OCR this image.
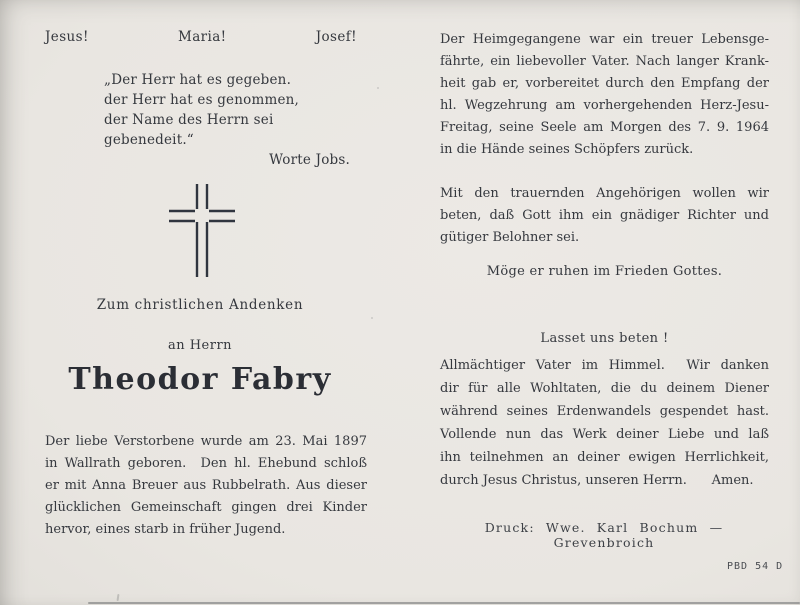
Jesus!	Maria!	Josef!
„Der Herr hat es gegeben.
der Herr hat es genommen,
der Name des Herrn sei gebenedeit.“
Worte Jobs.
Zum christlichen Andenken
an Herrn
Theodor Fabry
Der liebe Verstorbene wurde am 23. Mai 1897
in Wallrath geboren.  Den hl. Ehebund schloß
er mit Anna Breuer aus Rubbelrath. Aus dieser
glücklichen Gemeinschaft gingen drei Kinder
hervor, eines starb in früher Jugend.
Der Heimgegangene war ein treuer Lebensge-
fährte, ein liebevoller Vater. Nach langer Krank-
heit gab er, vorbereitet durch den Empfang der
hl. Wegzehrung am vorhergehenden Herz-Jesu-
Freitag, seine Seele am Morgen des 7. 9. 1964
in die Hände seines Schöpfers zurück.
Mit den trauernden Angehörigen wollen wir
beten, daß Gott ihm ein gnädiger Richter und
gütiger Belohner sei.
Möge er ruhen im Frieden Gottes.
Lasset uns beten !
Allmächtiger Vater im Himmel.  Wir danken
dir für alle Wohltaten, die du deinem Diener
während seines Erdenwandels gespendet hast.
Vollende nun das Werk deiner Liebe und laß
ihn teilnehmen an deiner ewigen Herrlichkeit,
durch Jesus Christus, unseren Herrn.      Amen.
Druck: Wwe. Karl Bochum — Grevenbroich
PBD 54 D
